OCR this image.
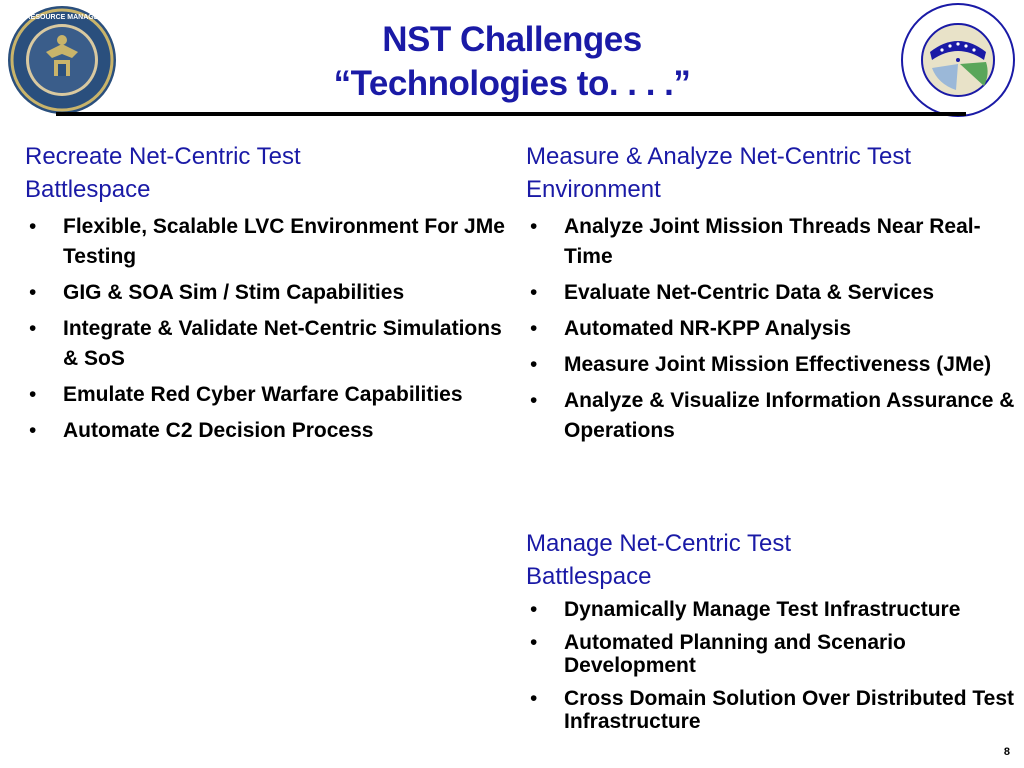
TEST RESOURCE MANAGEMENT
NST Challenges
“Technologies to. . . .”
Recreate Net-Centric Test
Battlespace
• Flexible, Scalable LVC Environment For JMe Testing
• GIG & SOA Sim / Stim Capabilities
• Integrate & Validate Net-Centric Simulations & SoS
• Emulate Red Cyber Warfare Capabilities
• Automate C2 Decision Process
Measure & Analyze Net-Centric Test
Environment
• Analyze Joint Mission Threads Near Real-Time
• Evaluate Net-Centric Data & Services
• Automated NR-KPP Analysis
• Measure Joint Mission Effectiveness (JMe)
• Analyze & Visualize Information Assurance & Operations
Manage Net-Centric Test
Battlespace
• Dynamically Manage Test Infrastructure
• Automated Planning and Scenario Development
• Cross Domain Solution Over Distributed Test Infrastructure
8
